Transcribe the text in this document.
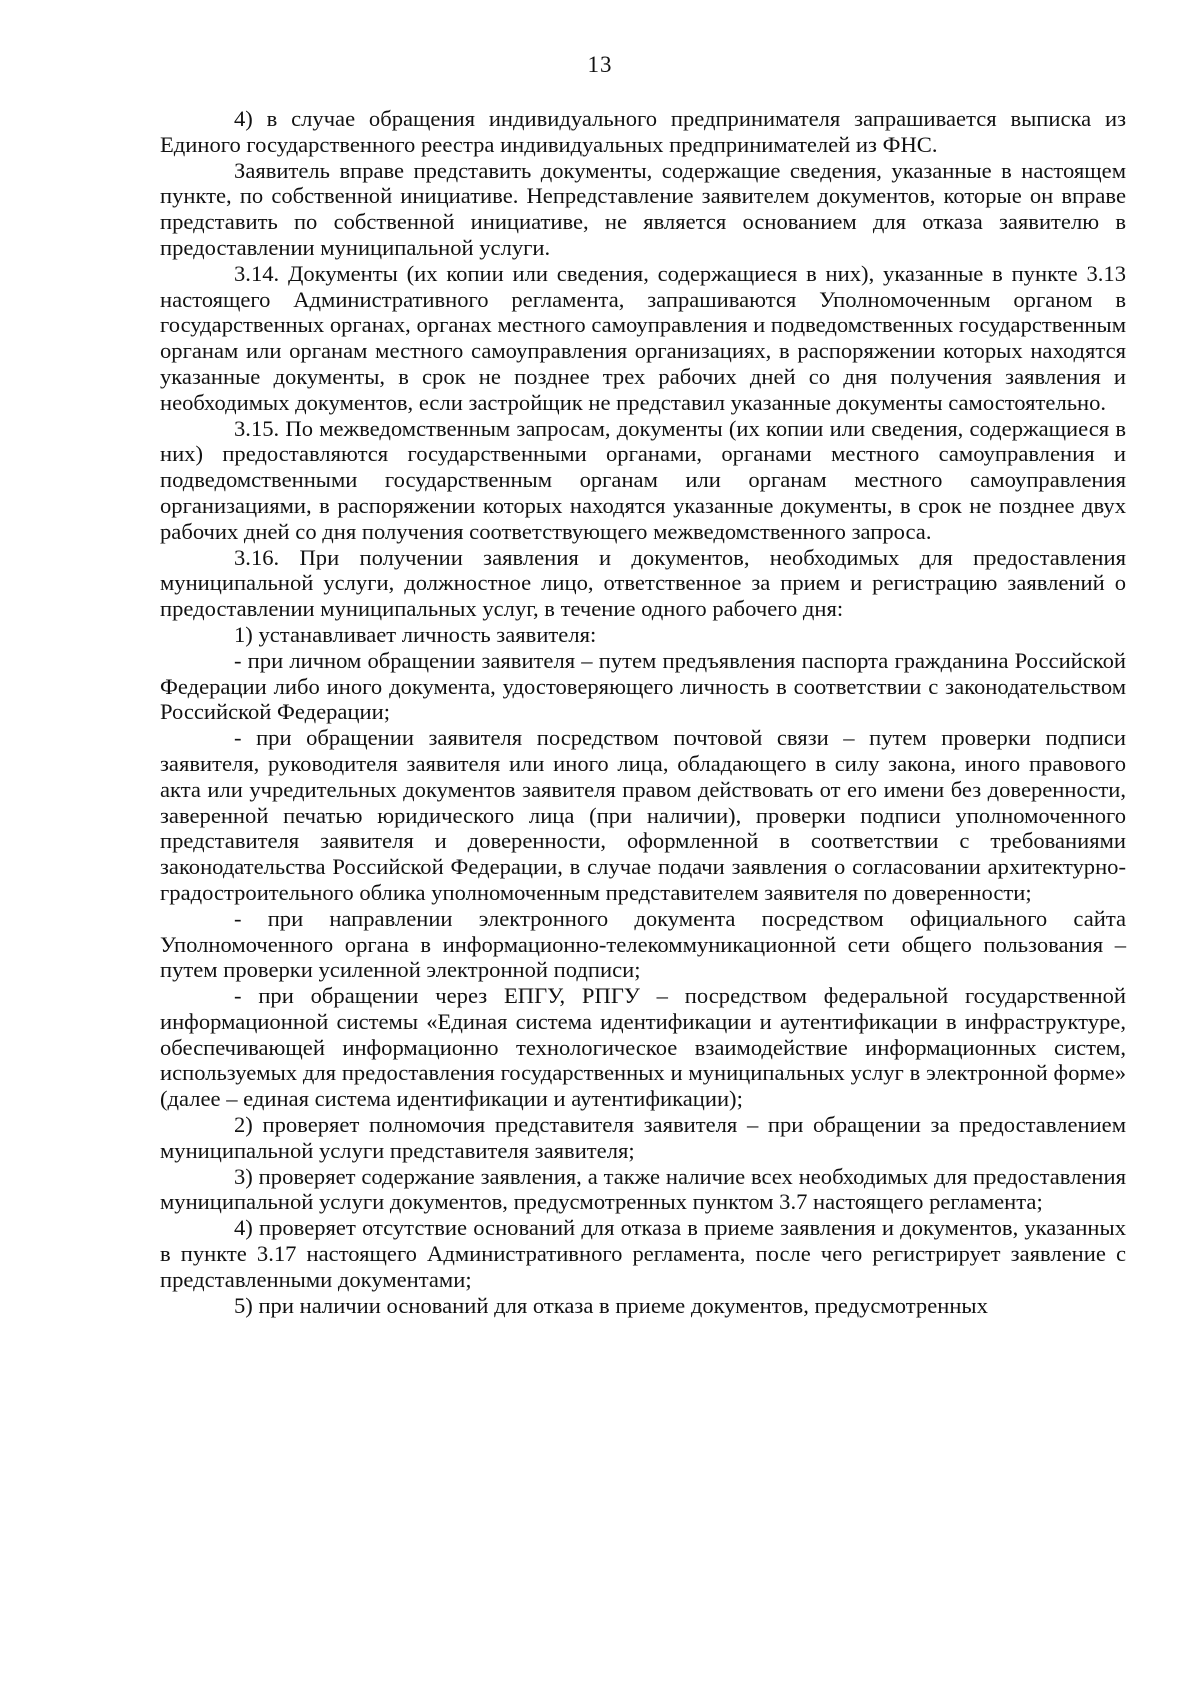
13

4) в случае обращения индивидуального предпринимателя запрашивается выписка из Единого государственного реестра индивидуальных предпринимателей из ФНС.

Заявитель вправе представить документы, содержащие сведения, указанные в настоящем пункте, по собственной инициативе. Непредставление заявителем документов, которые он вправе представить по собственной инициативе, не является основанием для отказа заявителю в предоставлении муниципальной услуги.

3.14. Документы (их копии или сведения, содержащиеся в них), указанные в пункте 3.13 настоящего Административного регламента, запрашиваются Уполномоченным органом в государственных органах, органах местного самоуправления и подведомственных государственным органам или органам местного самоуправления организациях, в распоряжении которых находятся указанные документы, в срок не позднее трех рабочих дней со дня получения заявления и необходимых документов, если застройщик не представил указанные документы самостоятельно.

3.15. По межведомственным запросам, документы (их копии или сведения, содержащиеся в них) предоставляются государственными органами, органами местного самоуправления и подведомственными государственным органам или органам местного самоуправления организациями, в распоряжении которых находятся указанные документы, в срок не позднее двух рабочих дней со дня получения соответствующего межведомственного запроса.

3.16. При получении заявления и документов, необходимых для предоставления муниципальной услуги, должностное лицо, ответственное за прием и регистрацию заявлений о предоставлении муниципальных услуг, в течение одного рабочего дня:

1) устанавливает личность заявителя:

- при личном обращении заявителя – путем предъявления паспорта гражданина Российской Федерации либо иного документа, удостоверяющего личность в соответствии с законодательством Российской Федерации;

- при обращении заявителя посредством почтовой связи – путем проверки подписи заявителя, руководителя заявителя или иного лица, обладающего в силу закона, иного правового акта или учредительных документов заявителя правом действовать от его имени без доверенности, заверенной печатью юридического лица (при наличии), проверки подписи уполномоченного представителя заявителя и доверенности, оформленной в соответствии с требованиями законодательства Российской Федерации, в случае подачи заявления о согласовании архитектурно-градостроительного облика уполномоченным представителем заявителя по доверенности;

- при направлении электронного документа посредством официального сайта Уполномоченного органа в информационно-телекоммуникационной сети общего пользования – путем проверки усиленной электронной подписи;

- при обращении через ЕПГУ, РПГУ – посредством федеральной государственной информационной системы «Единая система идентификации и аутентификации в инфраструктуре, обеспечивающей информационно технологическое взаимодействие информационных систем, используемых для предоставления государственных и муниципальных услуг в электронной форме» (далее – единая система идентификации и аутентификации);

2) проверяет полномочия представителя заявителя – при обращении за предоставлением муниципальной услуги представителя заявителя;

3) проверяет содержание заявления, а также наличие всех необходимых для предоставления муниципальной услуги документов, предусмотренных пунктом 3.7 настоящего регламента;

4) проверяет отсутствие оснований для отказа в приеме заявления и документов, указанных в пункте 3.17 настоящего Административного регламента, после чего регистрирует заявление с представленными документами;

5) при наличии оснований для отказа в приеме документов, предусмотренных
